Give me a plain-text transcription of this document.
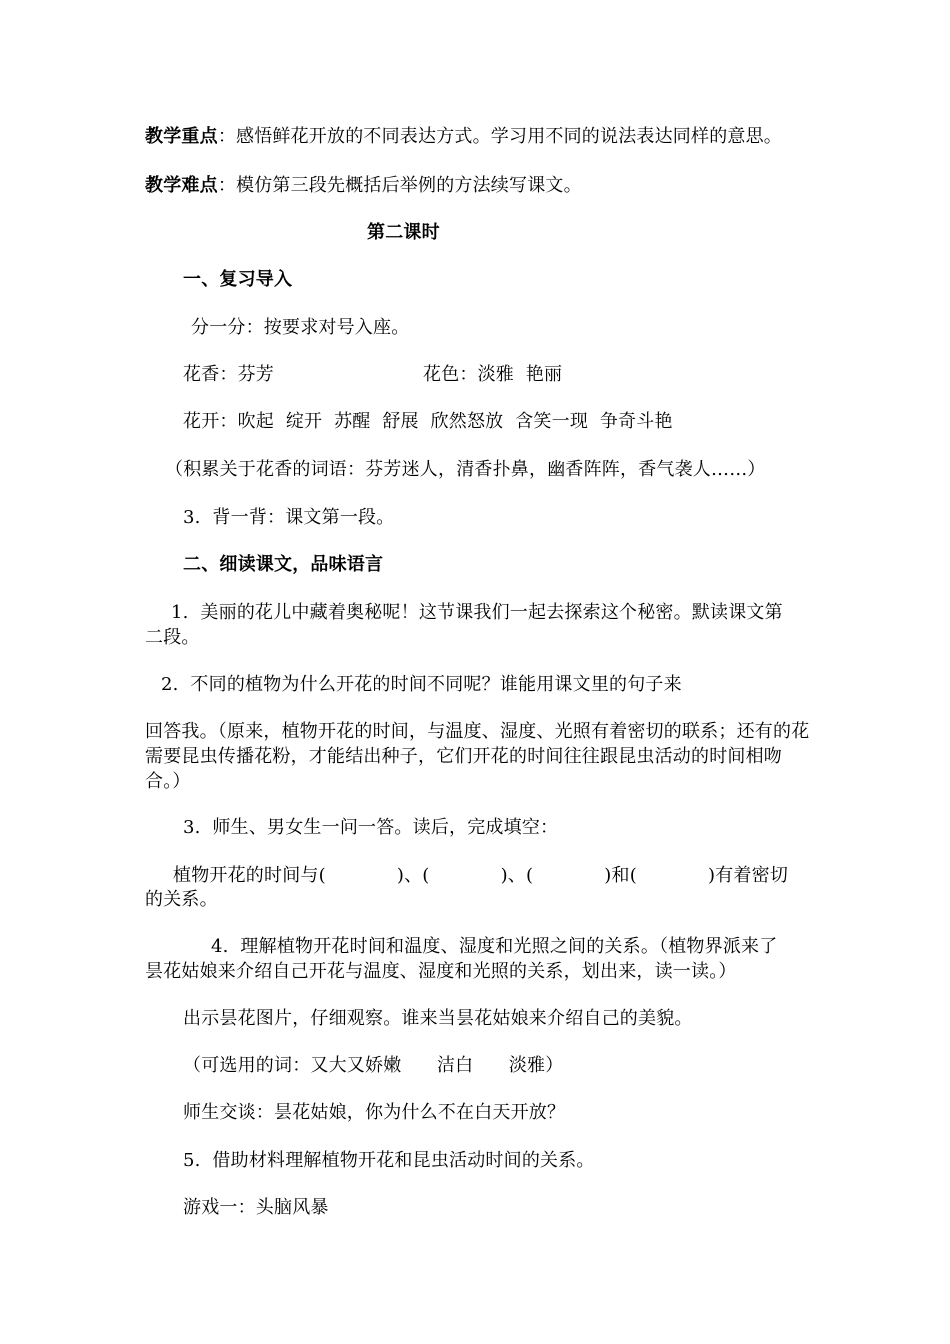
教学重点：感悟鲜花开放的不同表达方式。学习用不同的说法表达同样的意思。
教学难点：模仿第三段先概括后举例的方法续写课文。
第二课时
一、复习导入
分一分：按要求对号入座。
花香：芬芳	花色：淡雅  艳丽
花开：吹起  绽开  苏醒  舒展  欣然怒放  含笑一现  争奇斗艳
（积累关于花香的词语：芬芳迷人，清香扑鼻，幽香阵阵，香气袭人……）
3.  背一背：课文第一段。
二、细读课文，品味语言
1.  美丽的花儿中藏着奥秘呢！这节课我们一起去探索这个秘密。默读课文第
二段。
2.  不同的植物为什么开花的时间不同呢？谁能用课文里的句子来
回答我。（原来，植物开花的时间，与温度、湿度、光照有着密切的联系；还有的花
需要昆虫传播花粉，才能结出种子，它们开花的时间往往跟昆虫活动的时间相吻
合。）
3.  师生、男女生一问一答。读后，完成填空：
植物开花的时间与(            )、(            )、(            )和(            )有着密切
的关系。
4.  理解植物开花时间和温度、湿度和光照之间的关系。（植物界派来了
昙花姑娘来介绍自己开花与温度、湿度和光照的关系，划出来，读一读。）
出示昙花图片，仔细观察。谁来当昙花姑娘来介绍自己的美貌。
（可选用的词：又大又娇嫩      洁白      淡雅）
师生交谈：昙花姑娘，你为什么不在白天开放？
5.  借助材料理解植物开花和昆虫活动时间的关系。
游戏一：头脑风暴
